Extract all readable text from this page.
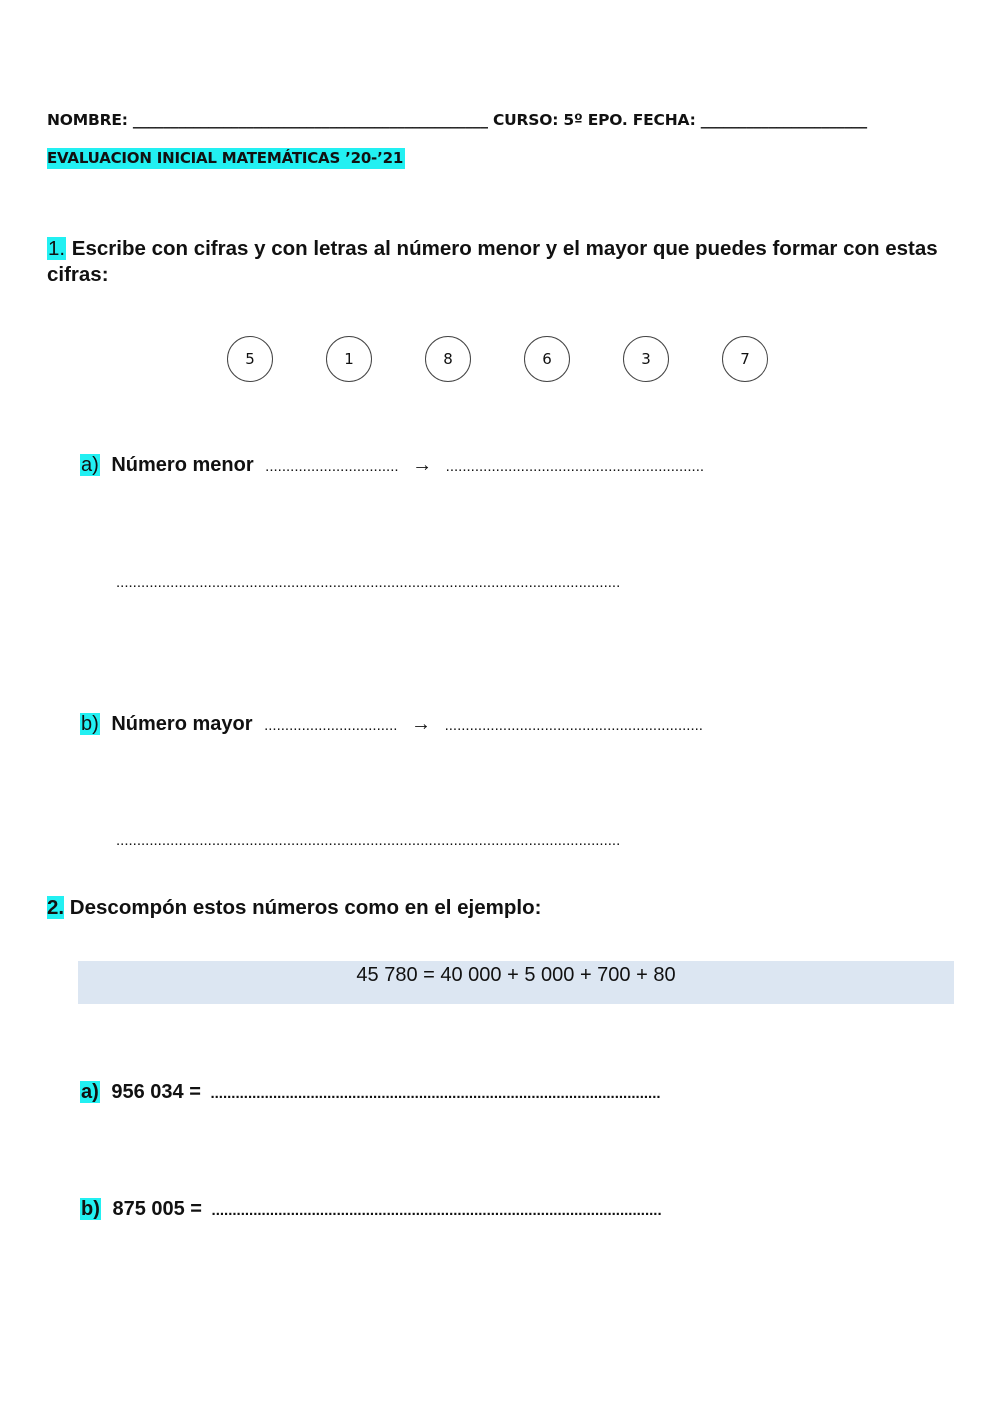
NOMBRE: _______________________________________________ CURSO: 5º EPO. FECHA: ______________________
EVALUACION INICIAL MATEMÁTICAS ’20-’21
1. Escribe con cifras y con letras al número menor y el mayor que puedes formar con estas cifras:
5	1	8	6	3	7
a) Número menor ................................ → ..............................................................
.........................................................................................................................
b) Número mayor ................................ → ..............................................................
.........................................................................................................................
2. Descompón estos números como en el ejemplo:
45 780 = 40 000 + 5 000 + 700 + 80
a) 956 034 = ............................................................................................................
b) 875 005 = ............................................................................................................
